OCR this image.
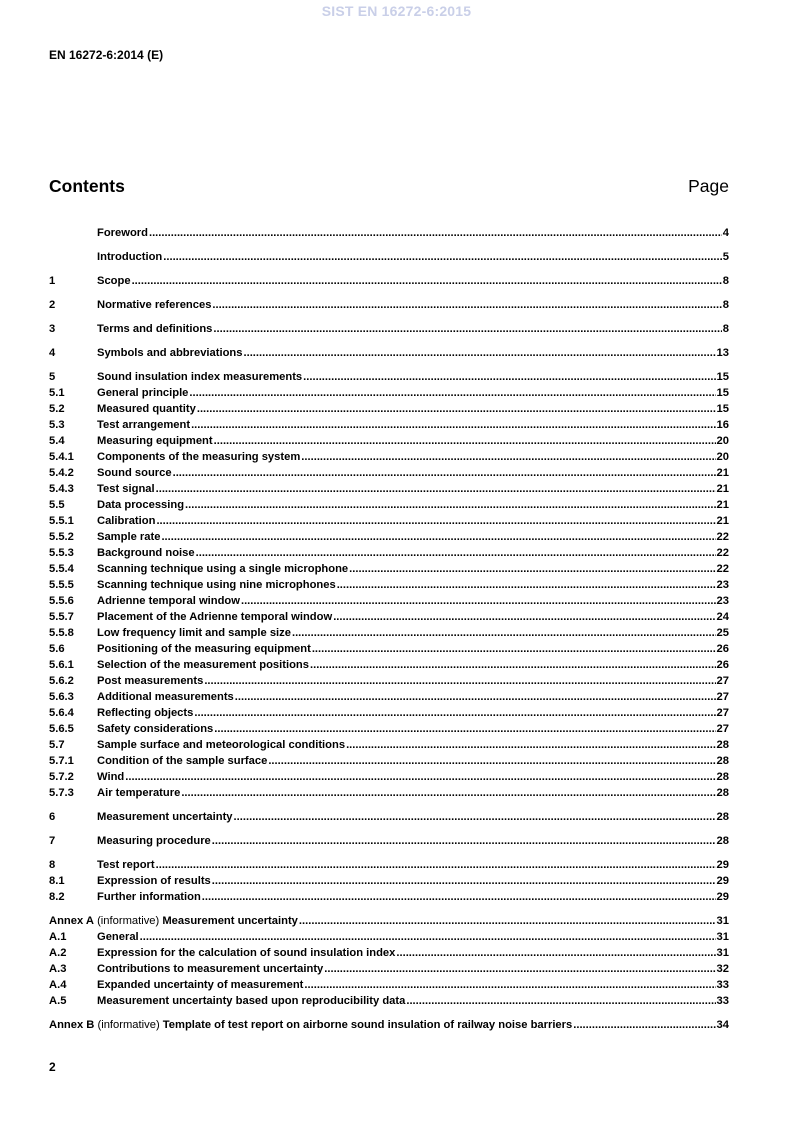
SIST EN 16272-6:2015
EN 16272-6:2014 (E)
Contents	Page
Foreword .....	4
Introduction .....	5
1	Scope .....	8
2	Normative references .....	8
3	Terms and definitions .....	8
4	Symbols and abbreviations .....	13
5	Sound insulation index measurements .....	15
5.1	General principle .....	15
5.2	Measured quantity .....	15
5.3	Test arrangement .....	16
5.4	Measuring equipment .....	20
5.4.1	Components of the measuring system .....	20
5.4.2	Sound source .....	21
5.4.3	Test signal .....	21
5.5	Data processing .....	21
5.5.1	Calibration .....	21
5.5.2	Sample rate .....	22
5.5.3	Background noise .....	22
5.5.4	Scanning technique using a single microphone .....	22
5.5.5	Scanning technique using nine microphones .....	23
5.5.6	Adrienne temporal window .....	23
5.5.7	Placement of the Adrienne temporal window .....	24
5.5.8	Low frequency limit and sample size .....	25
5.6	Positioning of the measuring equipment .....	26
5.6.1	Selection of the measurement positions .....	26
5.6.2	Post measurements .....	27
5.6.3	Additional measurements .....	27
5.6.4	Reflecting objects .....	27
5.6.5	Safety considerations .....	27
5.7	Sample surface and meteorological conditions .....	28
5.7.1	Condition of the sample surface .....	28
5.7.2	Wind .....	28
5.7.3	Air temperature .....	28
6	Measurement uncertainty .....	28
7	Measuring procedure .....	28
8	Test report .....	29
8.1	Expression of results .....	29
8.2	Further information .....	29
Annex A (informative) Measurement uncertainty .....	31
A.1	General .....	31
A.2	Expression for the calculation of sound insulation index .....	31
A.3	Contributions to measurement uncertainty .....	32
A.4	Expanded uncertainty of measurement .....	33
A.5	Measurement uncertainty based upon reproducibility data .....	33
Annex B (informative) Template of test report on airborne sound insulation of railway noise barriers .....	34
2
